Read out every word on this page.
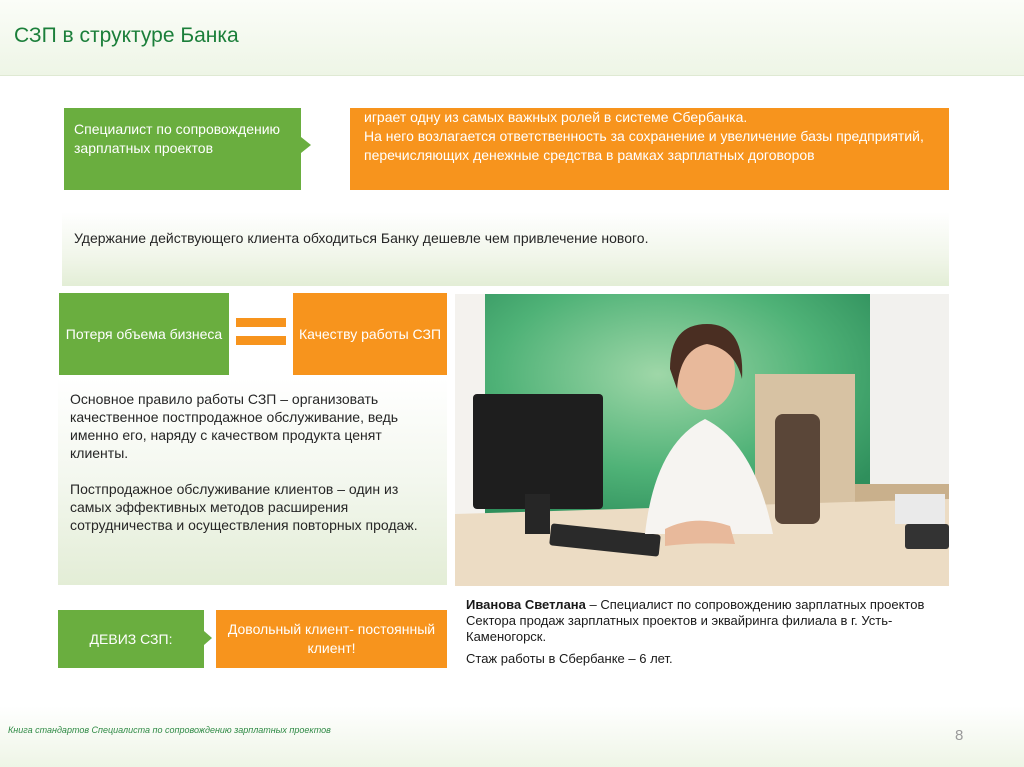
СЗП в структуре Банка
Специалист по сопровождению зарплатных проектов
играет одну из самых важных ролей в системе Сбербанка.
На него возлагается ответственность за сохранение и увеличение базы предприятий, перечисляющих денежные средства в рамках зарплатных договоров
Удержание действующего клиента обходиться Банку дешевле чем привлечение нового.
Потеря объема бизнеса	Качеству работы СЗП

Основное правило работы СЗП – организовать качественное постпродажное обслуживание, ведь именно его, наряду с качеством продукта ценят клиенты.

Постпродажное обслуживание клиентов – один из самых эффективных методов расширения сотрудничества и осуществления повторных продаж.

ДЕВИЗ СЗП:
Довольный клиент- постоянный клиент!
Иванова Светлана – Специалист по сопровождению зарплатных проектов Сектора продаж зарплатных проектов и эквайринга филиала в г. Усть-Каменогорск.
Стаж работы в Сбербанке – 6 лет.
Книга стандартов Специалиста по сопровождению зарплатных проектов	8
